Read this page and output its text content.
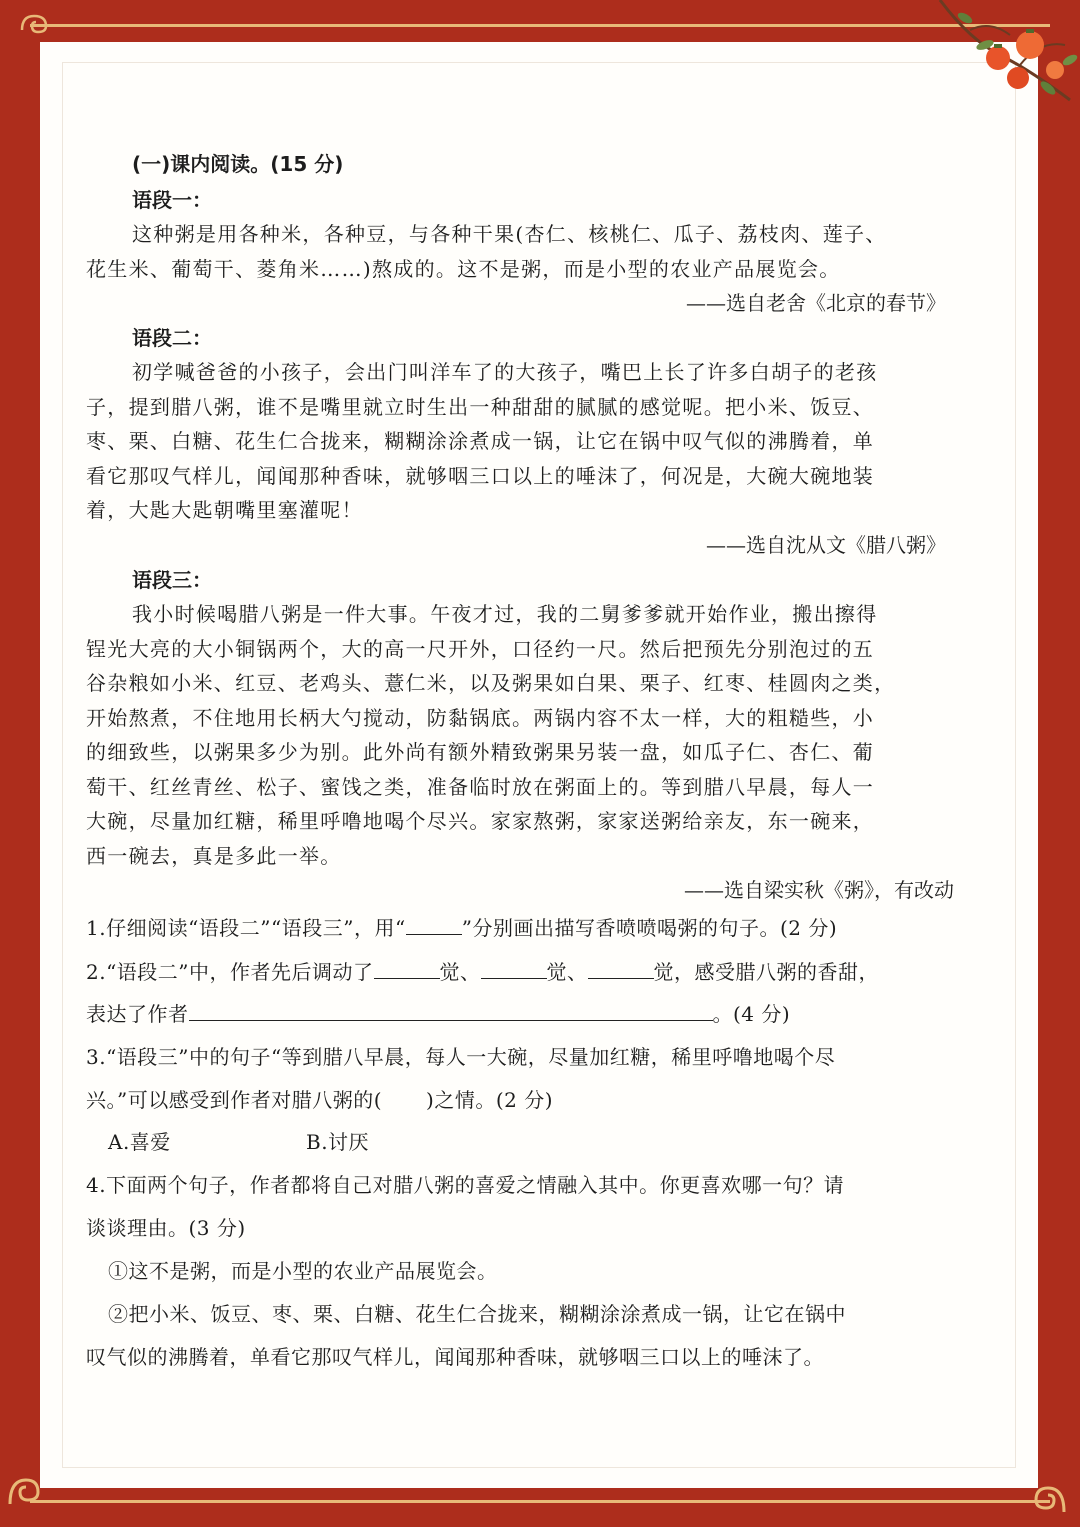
(一)课内阅读。(15 分)
语段一：
这种粥是用各种米，各种豆，与各种干果(杏仁、核桃仁、瓜子、荔枝肉、莲子、
花生米、葡萄干、菱角米……)熬成的。这不是粥，而是小型的农业产品展览会。
——选自老舍《北京的春节》
语段二：
初学喊爸爸的小孩子，会出门叫洋车了的大孩子，嘴巴上长了许多白胡子的老孩
子，提到腊八粥，谁不是嘴里就立时生出一种甜甜的腻腻的感觉呢。把小米、饭豆、
枣、栗、白糖、花生仁合拢来，糊糊涂涂煮成一锅，让它在锅中叹气似的沸腾着，单
看它那叹气样儿，闻闻那种香味，就够咽三口以上的唾沫了，何况是，大碗大碗地装
着，大匙大匙朝嘴里塞灌呢！
——选自沈从文《腊八粥》
语段三：
我小时候喝腊八粥是一件大事。午夜才过，我的二舅爹爹就开始作业，搬出擦得
锃光大亮的大小铜锅两个，大的高一尺开外，口径约一尺。然后把预先分别泡过的五
谷杂粮如小米、红豆、老鸡头、薏仁米，以及粥果如白果、栗子、红枣、桂圆肉之类，
开始熬煮，不住地用长柄大勺搅动，防黏锅底。两锅内容不太一样，大的粗糙些，小
的细致些，以粥果多少为别。此外尚有额外精致粥果另装一盘，如瓜子仁、杏仁、葡
萄干、红丝青丝、松子、蜜饯之类，准备临时放在粥面上的。等到腊八早晨，每人一
大碗，尽量加红糖，稀里呼噜地喝个尽兴。家家熬粥，家家送粥给亲友，东一碗来，
西一碗去，真是多此一举。
——选自梁实秋《粥》，有改动
1.仔细阅读“语段二”“语段三”，用“	”分别画出描写香喷喷喝粥的句子。(2 分)
2.“语段二”中，作者先后调动了	觉、	觉、	觉，感受腊八粥的香甜，
表达了作者	。(4 分)
3.“语段三”中的句子“等到腊八早晨，每人一大碗，尽量加红糖，稀里呼噜地喝个尽
兴。”可以感受到作者对腊八粥的( )之情。(2 分)
A.喜爱	B.讨厌
4.下面两个句子，作者都将自己对腊八粥的喜爱之情融入其中。你更喜欢哪一句？请
谈谈理由。(3 分)
①这不是粥，而是小型的农业产品展览会。
②把小米、饭豆、枣、栗、白糖、花生仁合拢来，糊糊涂涂煮成一锅，让它在锅中
叹气似的沸腾着，单看它那叹气样儿，闻闻那种香味，就够咽三口以上的唾沫了。
